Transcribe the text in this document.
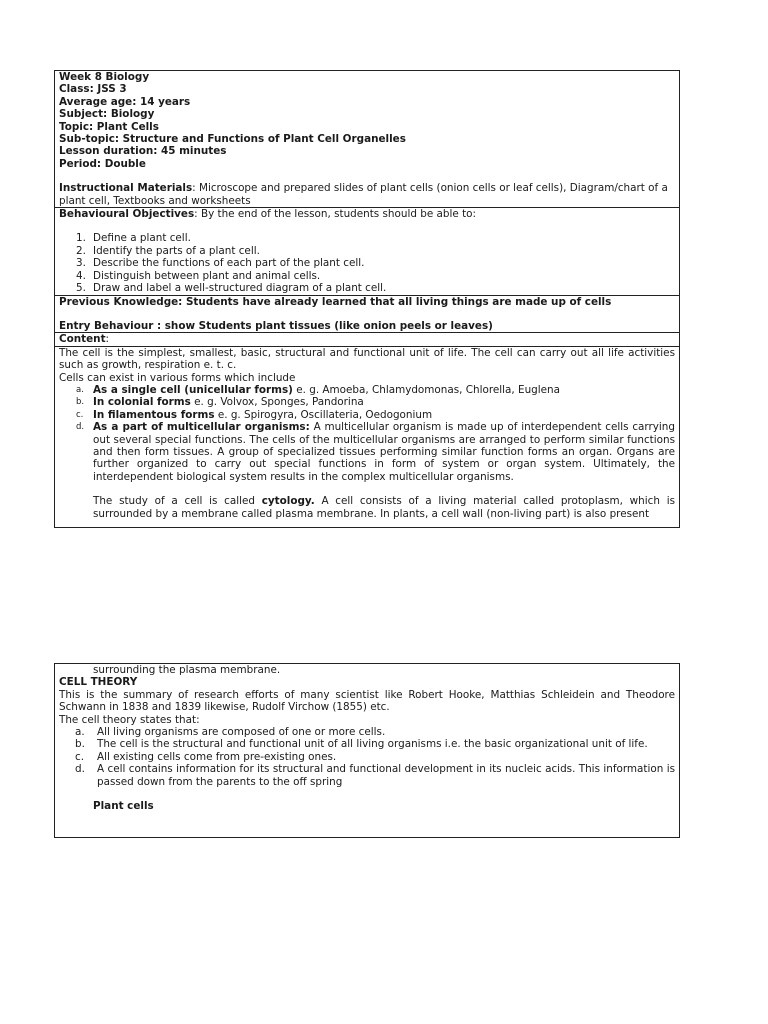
Week 8 Biology

Class: JSS 3

Average age: 14 years

Subject: Biology

Topic: Plant Cells

Sub-topic: Structure and Functions of Plant Cell Organelles

Lesson duration: 45 minutes

Period: Double

Instructional Materials: Microscope and prepared slides of plant cells (onion cells or leaf cells), Diagram/chart of a plant cell, Textbooks and worksheets

Behavioural Objectives: By the end of the lesson, students should be able to:

1. Define a plant cell.
2. Identify the parts of a plant cell.
3. Describe the functions of each part of the plant cell.
4. Distinguish between plant and animal cells.
5. Draw and label a well-structured diagram of a plant cell.

Previous Knowledge: Students have already learned that all living things are made up of cells

Entry Behaviour : show Students plant tissues (like onion peels or leaves)

Content:

The cell is the simplest, smallest, basic, structural and functional unit of life. The cell can carry out all life activities such as growth, respiration e. t. c.

Cells can exist in various forms which include

a. As a single cell (unicellular forms) e. g. Amoeba, Chlamydomonas, Chlorella, Euglena
b. In colonial forms e. g. Volvox, Sponges, Pandorina
c. In filamentous forms e. g. Spirogyra, Oscillateria, Oedogonium
d. As a part of multicellular organisms: A multicellular organism is made up of interdependent cells carrying out several special functions. The cells of the multicellular organisms are arranged to perform similar functions and then form tissues. A group of specialized tissues performing similar function forms an organ. Organs are further organized to carry out special functions in form of system or organ system. Ultimately, the interdependent biological system results in the complex multicellular organisms.

The study of a cell is called cytology. A cell consists of a living material called protoplasm, which is surrounded by a membrane called plasma membrane. In plants, a cell wall (non-living part) is also present

surrounding the plasma membrane.

CELL THEORY

This is the summary of research efforts of many scientist like Robert Hooke, Matthias Schleidein and Theodore Schwann in 1838 and 1839 likewise, Rudolf Virchow (1855) etc.

The cell theory states that:

a. All living organisms are composed of one or more cells.
b. The cell is the structural and functional unit of all living organisms i.e. the basic organizational unit of life.
c. All existing cells come from pre-existing ones.
d. A cell contains information for its structural and functional development in its nucleic acids. This information is passed down from the parents to the off spring

Plant cells
